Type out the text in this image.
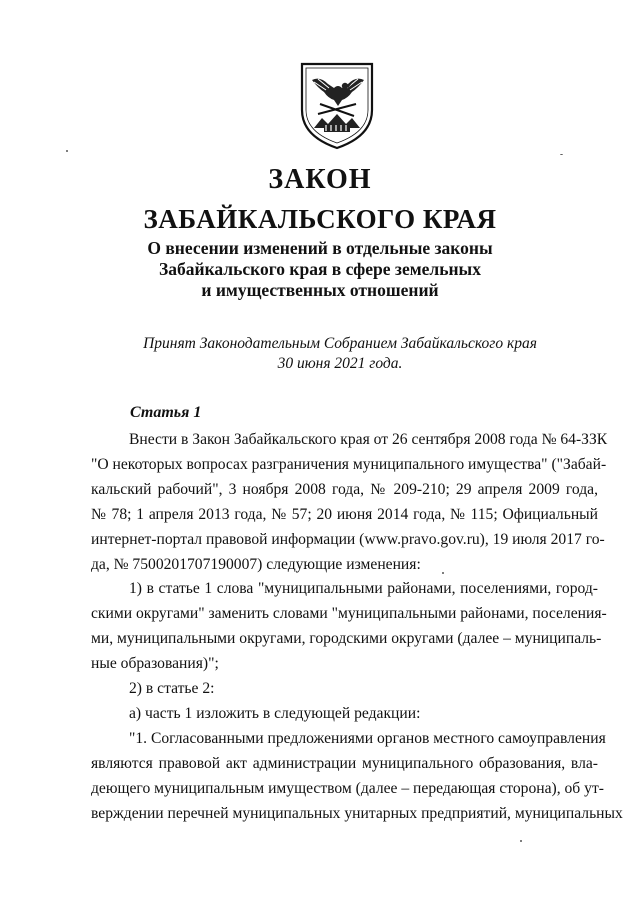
ЗАКОН
ЗАБАЙКАЛЬСКОГО КРАЯ
О внесении изменений в отдельные законы
Забайкальского края в сфере земельных
и имущественных отношений
Принят Законодательным Собранием Забайкальского края
30 июня 2021 года.
Статья 1

Внести в Закон Забайкальского края от 26 сентября 2008 года № 64-ЗЗК
"О некоторых вопросах разграничения муниципального имущества" ("Забай-
кальский рабочий", 3 ноября 2008 года, № 209-210; 29 апреля 2009 года,
№ 78; 1 апреля 2013 года, № 57; 20 июня 2014 года, № 115; Официальный
интернет-портал правовой информации (www.pravo.gov.ru), 19 июля 2017 го-
да, № 7500201707190007) следующие изменения:

1) в статье 1 слова "муниципальными районами, поселениями, город-
скими округами" заменить словами "муниципальными районами, поселения-
ми, муниципальными округами, городскими округами (далее – муниципаль-
ные образования)";

2) в статье 2:

а) часть 1 изложить в следующей редакции:

"1. Согласованными предложениями органов местного самоуправления
являются правовой акт администрации муниципального образования, вла-
деющего муниципальным имуществом (далее – передающая сторона), об ут-
верждении перечней муниципальных унитарных предприятий, муниципальных
